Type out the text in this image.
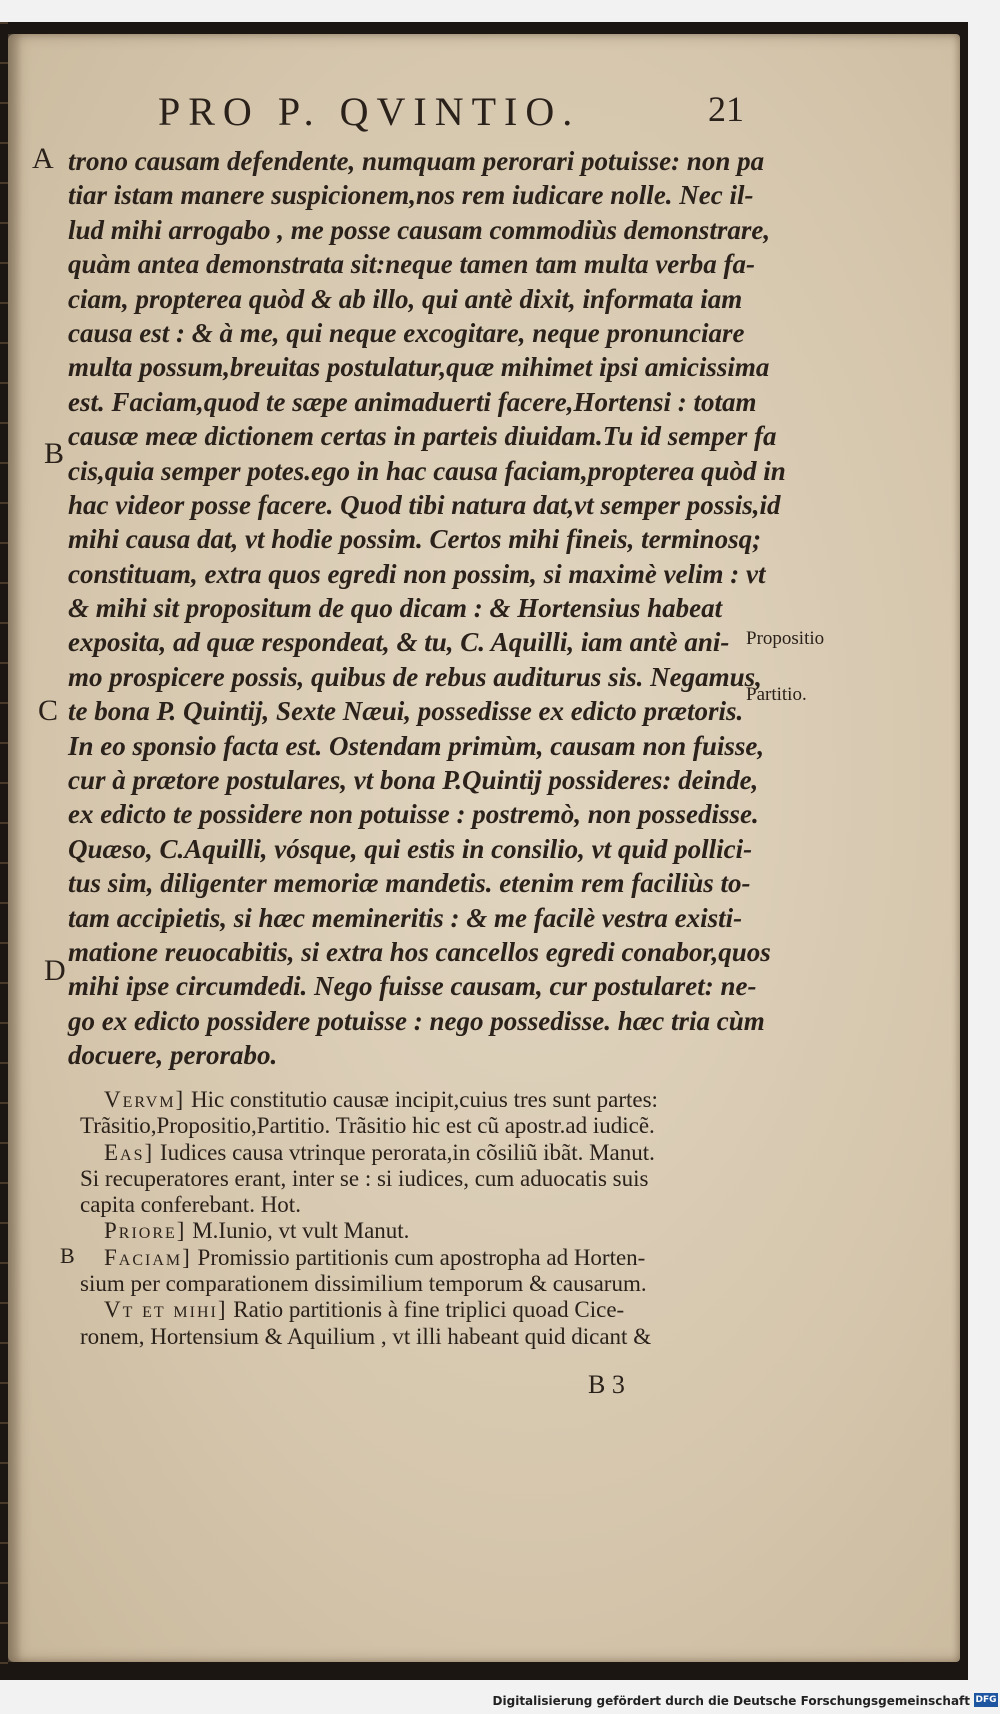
PRO P. QVINTIO.	21
A
B
C
D
Propositio
Partitio.
trono causam defendente, numquam perorari potuisse: non pa
tiar istam manere suspicionem,nos rem iudicare nolle. Nec il-
lud mihi arrogabo , me posse causam commodiùs demonstrare,
quàm antea demonstrata sit:neque tamen tam multa verba fa-
ciam, propterea quòd & ab illo, qui antè dixit, informata iam
causa est : & à me, qui neque excogitare, neque pronunciare
multa possum,breuitas postulatur,quæ mihimet ipsi amicissima
est. Faciam,quod te sæpe animaduerti facere,Hortensi : totam
causæ meæ dictionem certas in parteis diuidam.Tu id semper fa
cis,quia semper potes.ego in hac causa faciam,propterea quòd in
hac videor posse facere. Quod tibi natura dat,vt semper possis,id
mihi causa dat, vt hodie possim. Certos mihi fineis, terminosq;
constituam, extra quos egredi non possim, si maximè velim : vt
& mihi sit propositum de quo dicam : & Hortensius habeat
exposita, ad quæ respondeat, & tu, C. Aquilli, iam antè ani-
mo prospicere possis, quibus de rebus auditurus sis. Negamus,
te bona P. Quintij, Sexte Næui, possedisse ex edicto prætoris.
In eo sponsio facta est. Ostendam primùm, causam non fuisse,
cur à prætore postulares, vt bona P.Quintij possideres: deinde,
ex edicto te possidere non potuisse : postremò, non possedisse.
Quæso, C.Aquilli, vósque, qui estis in consilio, vt quid pollici-
tus sim, diligenter memoriæ mandetis. etenim rem faciliùs to-
tam accipietis, si hæc memineritis : & me facilè vestra existi-
matione reuocabitis, si extra hos cancellos egredi conabor,quos
mihi ipse circumdedi. Nego fuisse causam, cur postularet: ne-
go ex edicto possidere potuisse : nego possedisse. hæc tria cùm
docuere, perorabo.
B
Vervm] Hic constitutio causæ incipit,cuius tres sunt partes:
Trãsitio,Propositio,Partitio. Trãsitio hic est cũ apostr.ad iudicẽ.
Eas] Iudices causa vtrinque perorata,in cõsiliũ ibãt. Manut.
Si recuperatores erant, inter se : si iudices, cum aduocatis suis
capita conferebant. Hot.
Priore] M.Iunio, vt vult Manut.
Faciam] Promissio partitionis cum apostropha ad Horten-
sium per comparationem dissimilium temporum & causarum.
Vt et mihi] Ratio partitionis à fine triplici quoad Cice-
ronem, Hortensium & Aquilium , vt illi habeant quid dicant &
B 3
Digitalisierung gefördert durch die Deutsche Forschungsgemeinschaft DFG
